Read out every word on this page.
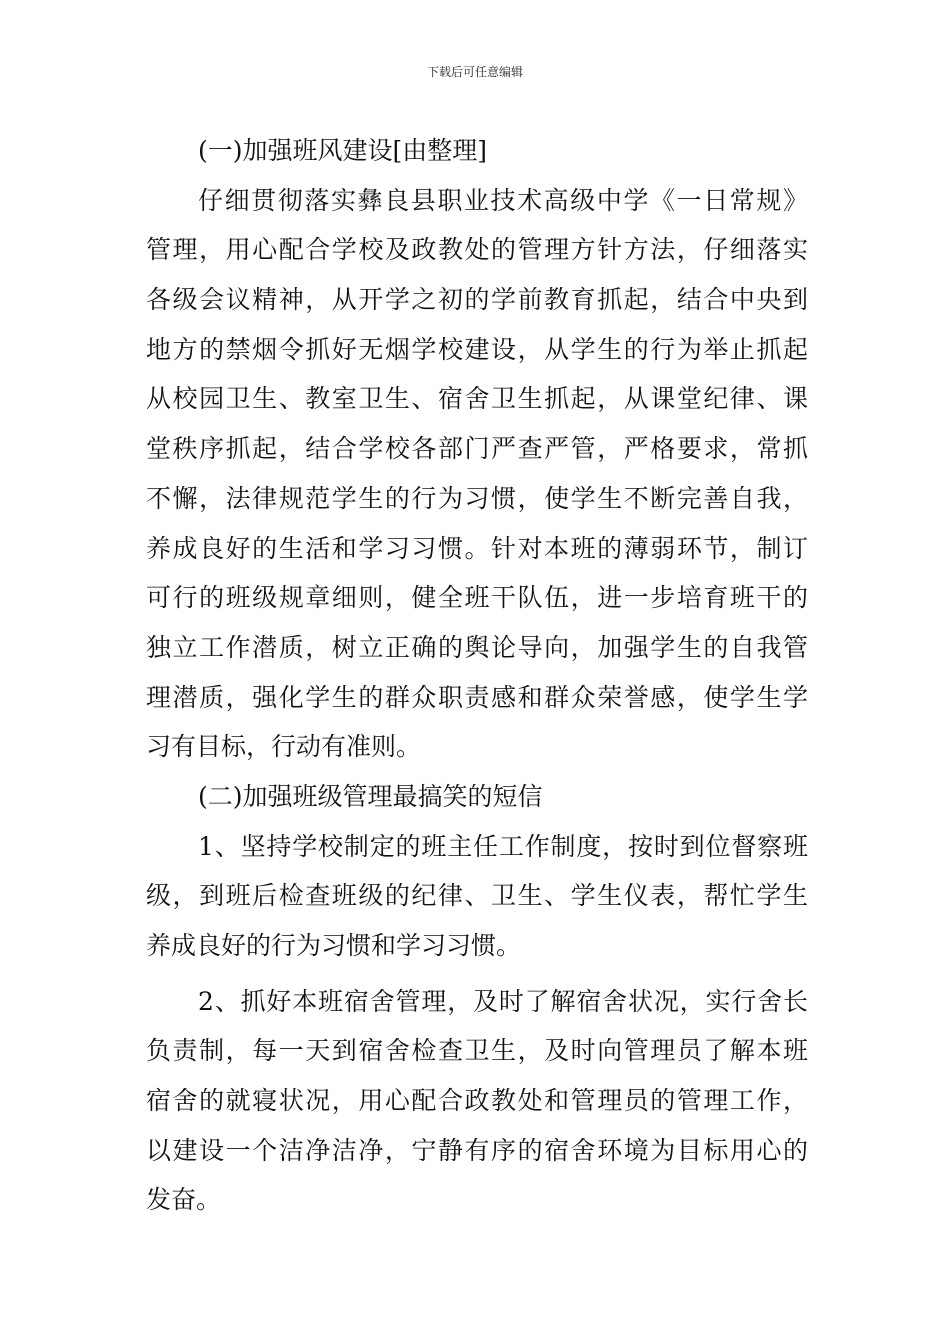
下载后可任意编辑
(一)加强班风建设[由整理]
仔细贯彻落实彝良县职业技术高级中学《一日常规》
管理，用心配合学校及政教处的管理方针方法，仔细落实
各级会议精神，从开学之初的学前教育抓起，结合中央到
地方的禁烟令抓好无烟学校建设，从学生的行为举止抓起
从校园卫生、教室卫生、宿舍卫生抓起，从课堂纪律、课
堂秩序抓起，结合学校各部门严查严管，严格要求，常抓
不懈，法律规范学生的行为习惯，使学生不断完善自我，
养成良好的生活和学习习惯。针对本班的薄弱环节，制订
可行的班级规章细则，健全班干队伍，进一步培育班干的
独立工作潜质，树立正确的舆论导向，加强学生的自我管
理潜质，强化学生的群众职责感和群众荣誉感，使学生学
习有目标，行动有准则。
(二)加强班级管理最搞笑的短信
1、坚持学校制定的班主任工作制度，按时到位督察班
级，到班后检查班级的纪律、卫生、学生仪表，帮忙学生
养成良好的行为习惯和学习习惯。
2、抓好本班宿舍管理，及时了解宿舍状况，实行舍长
负责制，每一天到宿舍检查卫生，及时向管理员了解本班
宿舍的就寝状况，用心配合政教处和管理员的管理工作，
以建设一个洁净洁净，宁静有序的宿舍环境为目标用心的
发奋。
